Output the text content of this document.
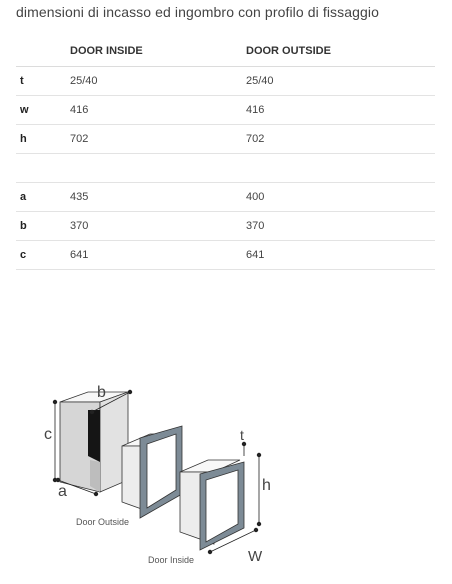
dimensioni di incasso ed ingombro con profilo di fissaggio
	DOOR INSIDE	DOOR OUTSIDE
t	25/40	25/40
w	416	416
h	702	702

a	435	400
b	370	370
c	641	641
b
c
a
Door Outside
t
h
W
Door Inside
